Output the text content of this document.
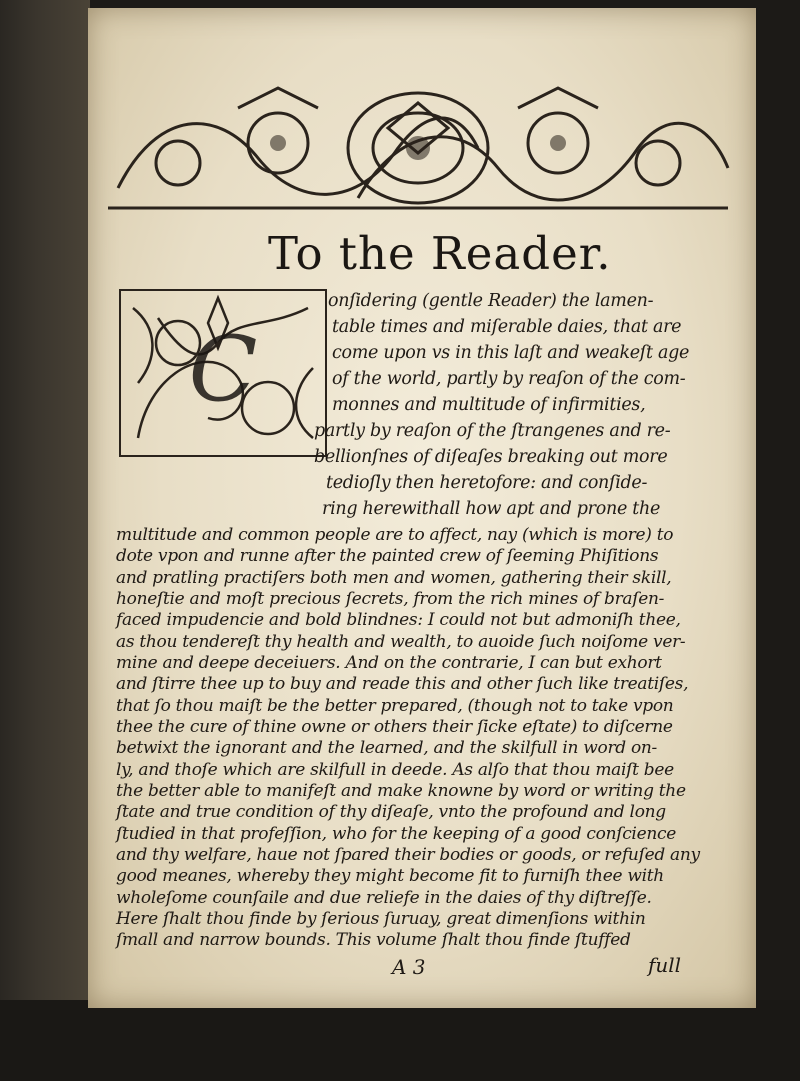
To the Reader.
C
onſidering (gentle Reader) the lamen-
table times and miſerable daies, that are
come upon vs in this laſt and weakeſt age
of the world, partly by reaſon of the com-
monnes and multitude of infirmities,
partly by reaſon of the ſtrangenes and re-
bellionſnes of diſeaſes breaking out more
tedioſly then heretofore: and conſide-
ring herewithall how apt and prone the
multitude and common people are to affect, nay (which is more) to
dote vpon and runne after the painted crew of ſeeming Phiſitions
and pratling practiſers both men and women, gathering their skill,
honeſtie and moſt precious ſecrets, from the rich mines of braſen-
faced impudencie and bold blindnes: I could not but admoniſh thee,
as thou tendereſt thy health and wealth, to auoide ſuch noiſome ver-
mine and deepe deceiuers. And on the contrarie, I can but exhort
and ſtirre thee up to buy and reade this and other ſuch like treatiſes,
that ſo thou maiſt be the better prepared, (though not to take vpon
thee the cure of thine owne or others their ſicke eſtate) to diſcerne
betwixt the ignorant and the learned, and the skilfull in word on-
ly, and thoſe which are skilfull in deede. As alſo that thou maiſt bee
the better able to manifeſt and make knowne by word or writing the
ſtate and true condition of thy diſeaſe, vnto the profound and long
ſtudied in that profeſſion, who for the keeping of a good conſcience
and thy welfare, haue not ſpared their bodies or goods, or refuſed any
good meanes, whereby they might become fit to furniſh thee with
wholeſome counſaile and due reliefe in the daies of thy diſtreſſe.
Here ſhalt thou finde by ſerious ſuruay, great dimenſions within
ſmall and narrow bounds. This volume ſhalt thou finde ſtuffed
A 3	full
